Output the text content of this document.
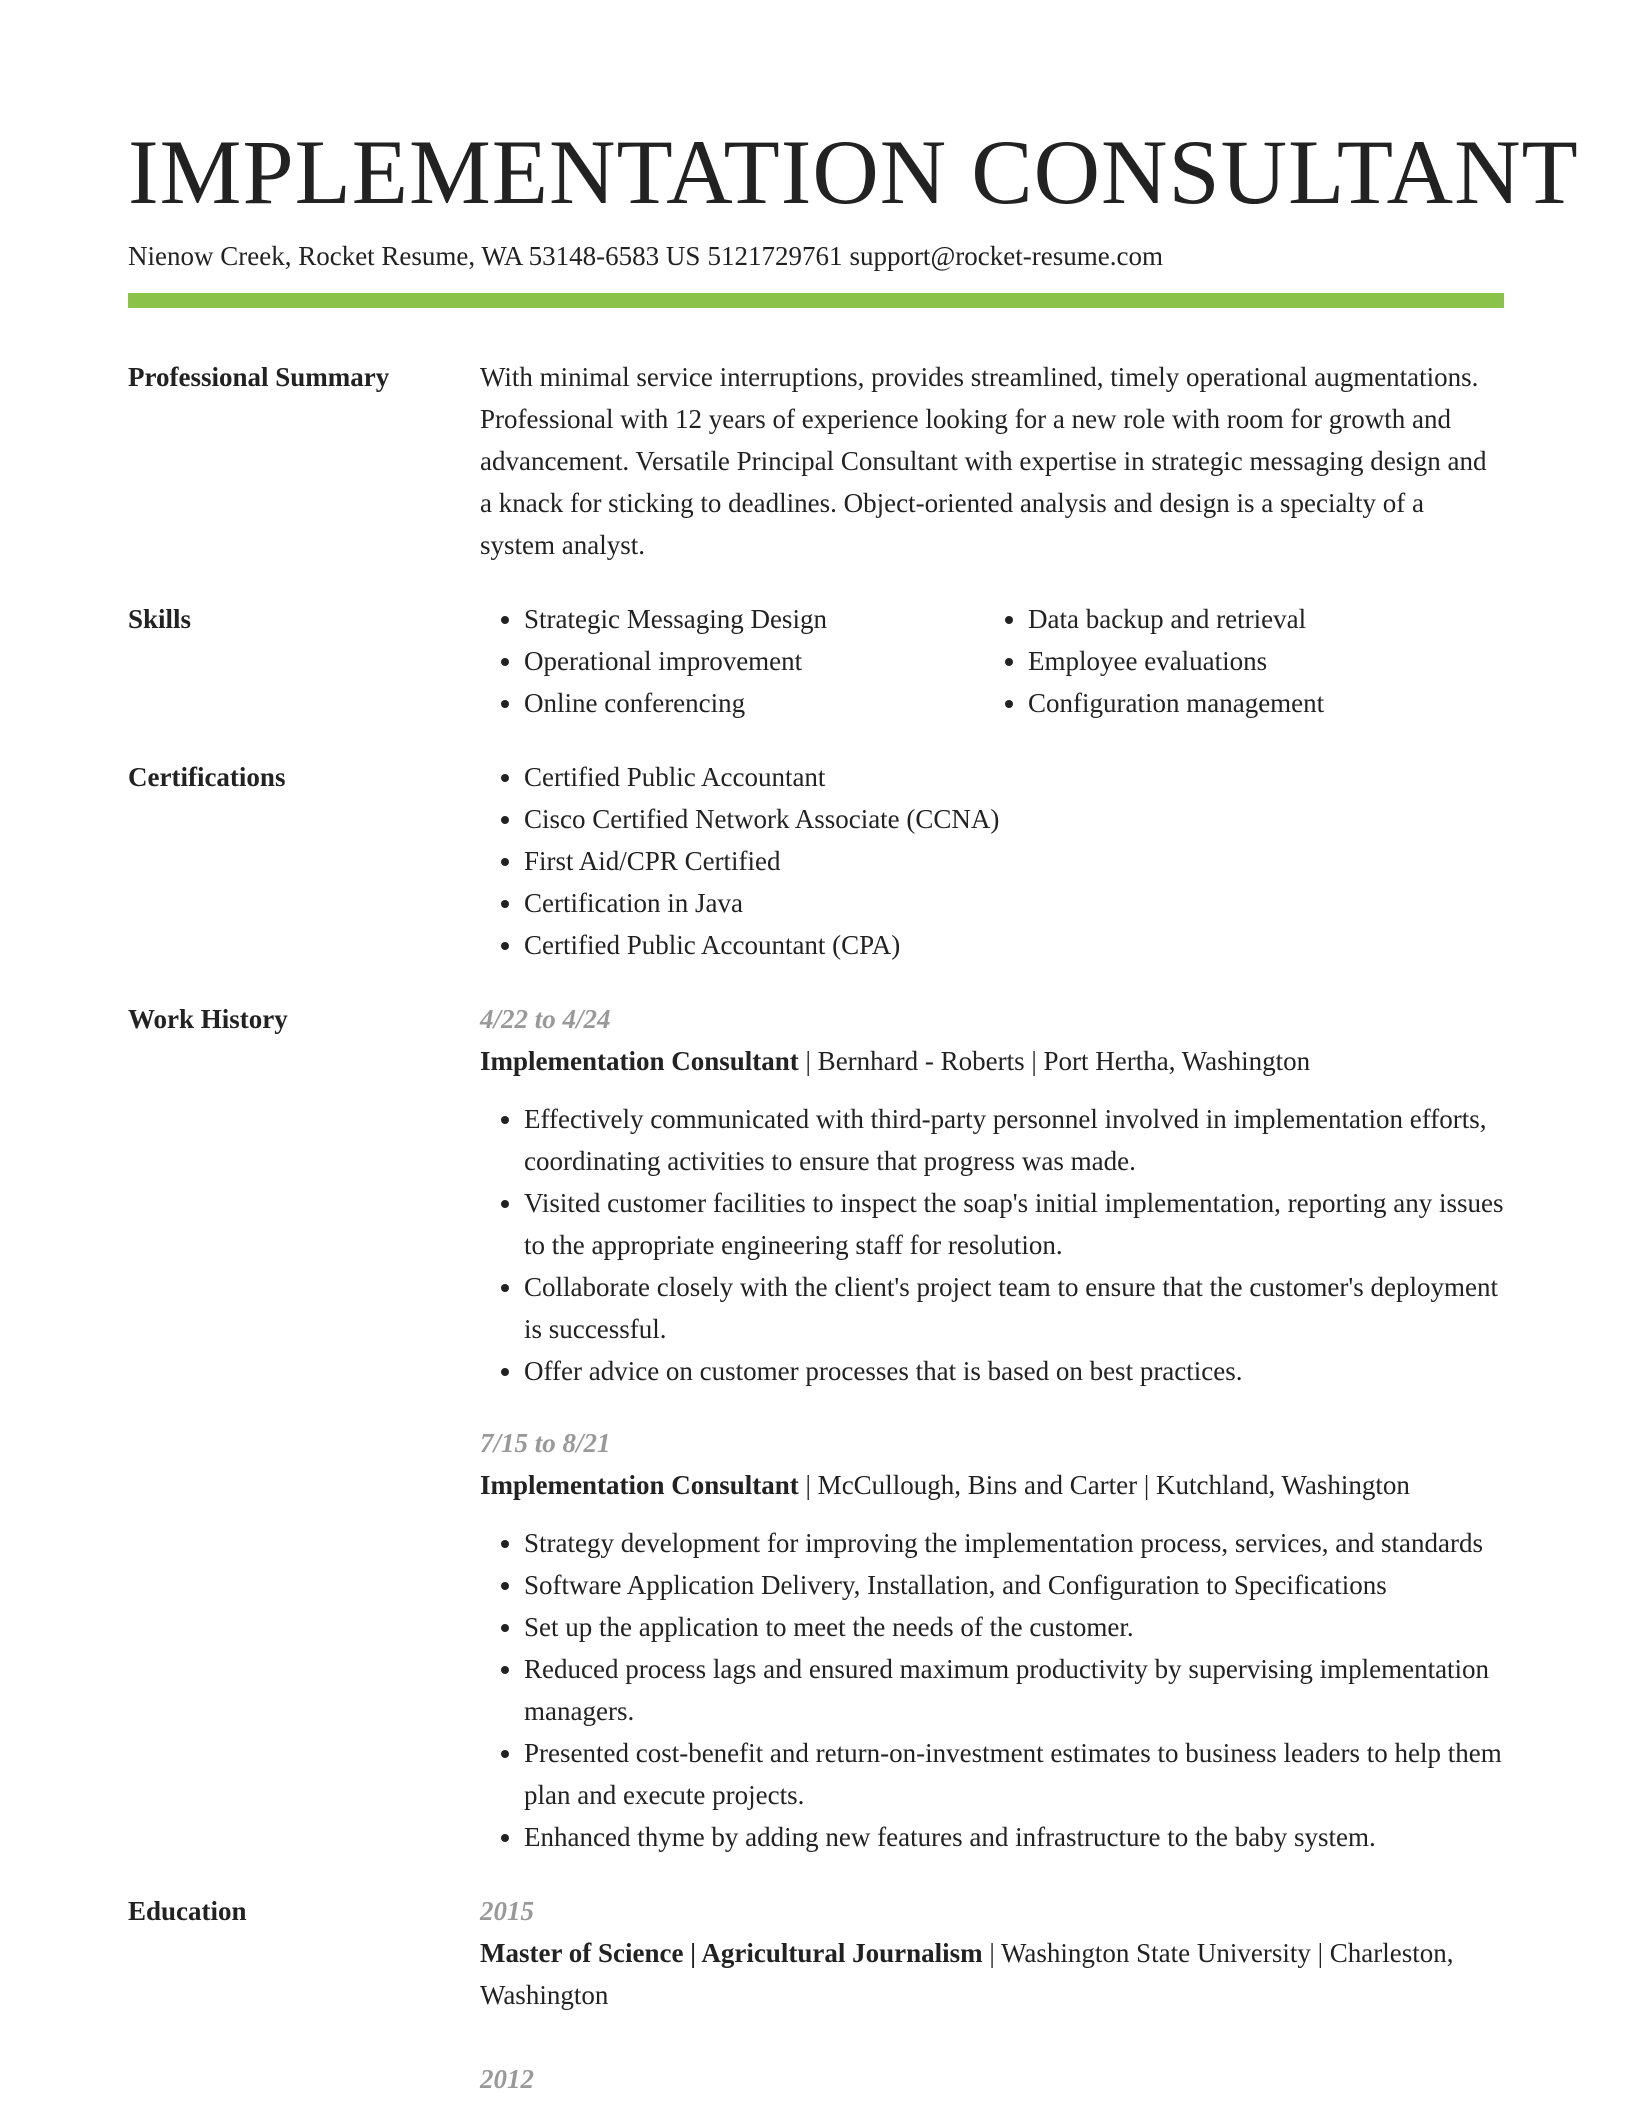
IMPLEMENTATION CONSULTANT
Nienow Creek, Rocket Resume, WA 53148-6583 US 5121729761 support@rocket-resume.com
Professional Summary	With minimal service interruptions, provides streamlined, timely operational augmentations. Professional with 12 years of experience looking for a new role with room for growth and advancement. Versatile Principal Consultant with expertise in strategic messaging design and a knack for sticking to deadlines. Object-oriented analysis and design is a specialty of a system analyst.
Skills	• Strategic Messaging Design
• Operational improvement
• Online conferencing
• Data backup and retrieval
• Employee evaluations
• Configuration management
Certifications	• Certified Public Accountant
• Cisco Certified Network Associate (CCNA)
• First Aid/CPR Certified
• Certification in Java
• Certified Public Accountant (CPA)
Work History	4/22 to 4/24
Implementation Consultant | Bernhard - Roberts | Port Hertha, Washington
• Effectively communicated with third-party personnel involved in implementation efforts, coordinating activities to ensure that progress was made.
• Visited customer facilities to inspect the soap's initial implementation, reporting any issues to the appropriate engineering staff for resolution.
• Collaborate closely with the client's project team to ensure that the customer's deployment is successful.
• Offer advice on customer processes that is based on best practices.
7/15 to 8/21
Implementation Consultant | McCullough, Bins and Carter | Kutchland, Washington
• Strategy development for improving the implementation process, services, and standards
• Software Application Delivery, Installation, and Configuration to Specifications
• Set up the application to meet the needs of the customer.
• Reduced process lags and ensured maximum productivity by supervising implementation managers.
• Presented cost-benefit and return-on-investment estimates to business leaders to help them plan and execute projects.
• Enhanced thyme by adding new features and infrastructure to the baby system.
Education	2015
Master of Science | Agricultural Journalism | Washington State University | Charleston, Washington
2012
